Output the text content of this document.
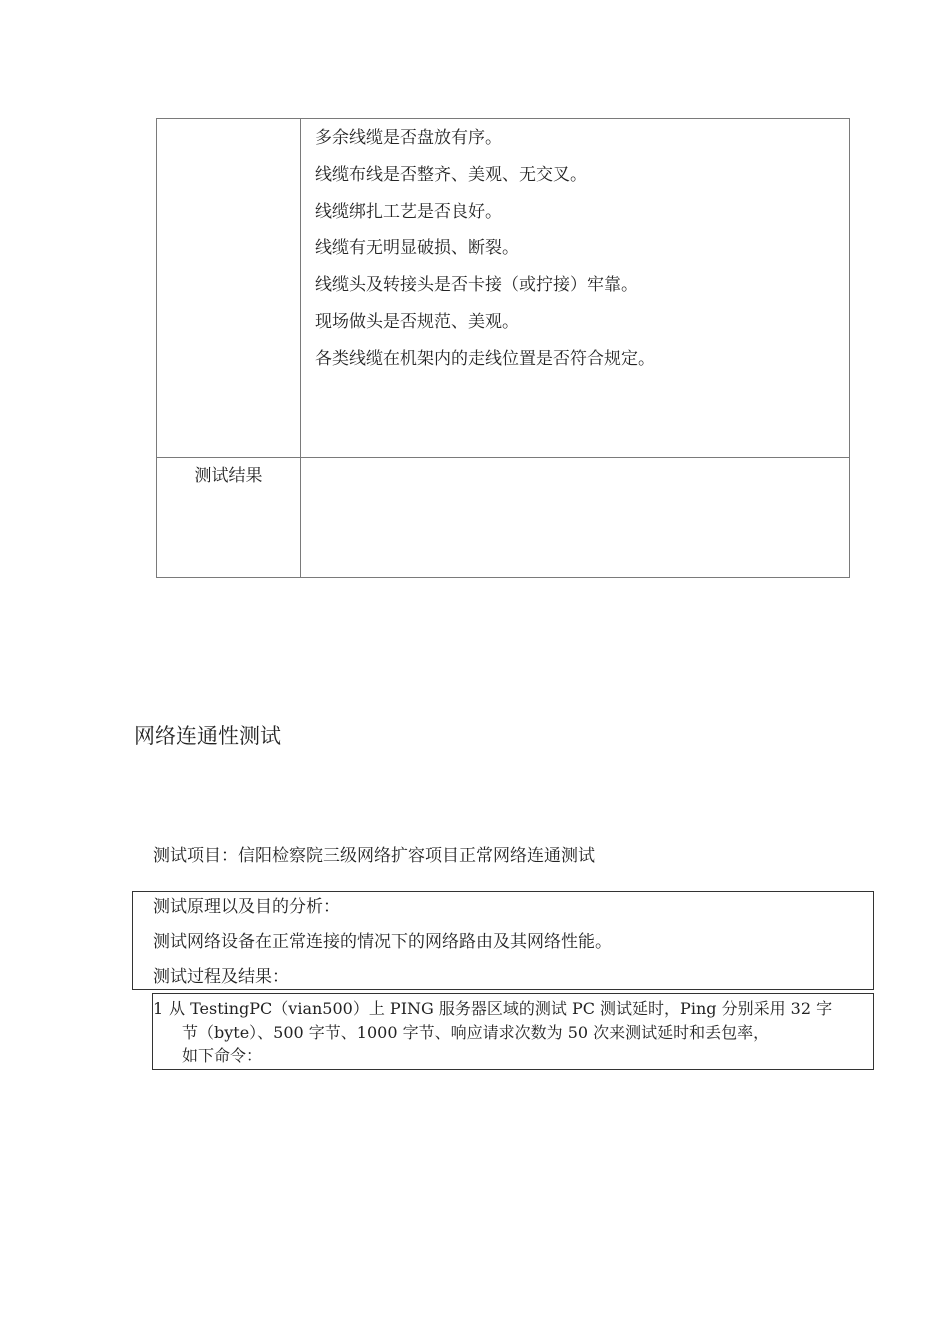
多余线缆是否盘放有序。
线缆布线是否整齐、美观、无交叉。
线缆绑扎工艺是否良好。
线缆有无明显破损、断裂。
线缆头及转接头是否卡接（或拧接）牢靠。
现场做头是否规范、美观。
各类线缆在机架内的走线位置是否符合规定。
测试结果
网络连通性测试
测试项目：信阳检察院三级网络扩容项目正常网络连通测试
测试原理以及目的分析：
测试网络设备在正常连接的情况下的网络路由及其网络性能。
测试过程及结果：
1 从 TestingPC（vian500）上 PING 服务器区域的测试 PC 测试延时，Ping 分别采用 32 字
节（byte）、500 字节、1000 字节、响应请求次数为 50 次来测试延时和丢包率，
如下命令：
